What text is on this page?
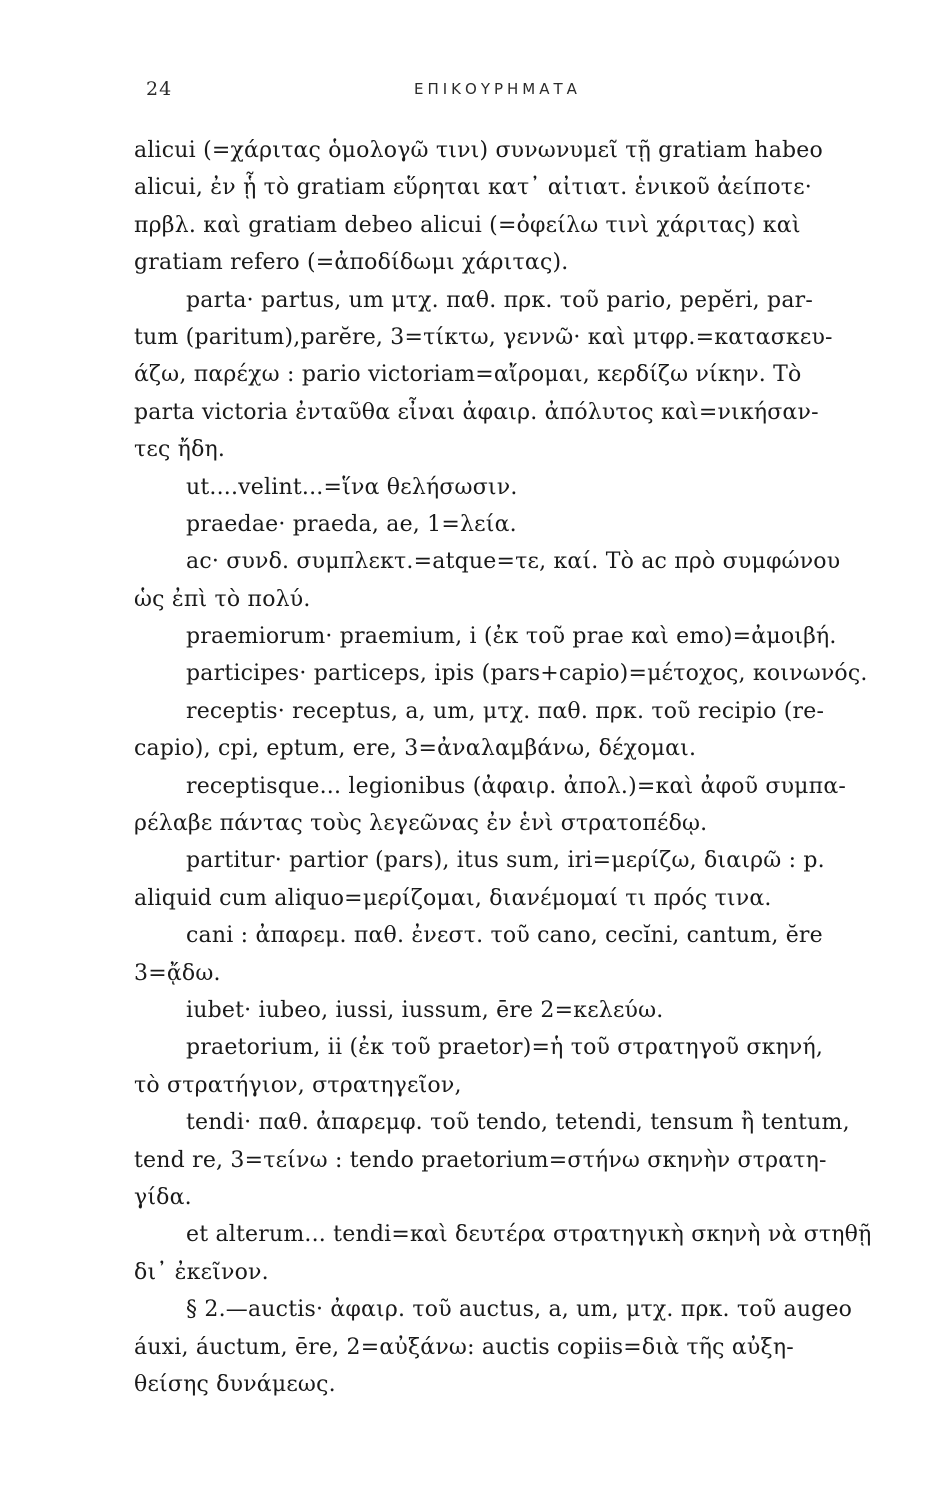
24	ΕΠΙΚΟΥΡΗΜΑΤΑ
alicui (=χάριτας ὁμολογῶ τινι) συνωνυμεῖ τῇ gratiam habeo
alicui, ἐν ᾗ τὸ gratiam εὕρηται κατ᾽ αἰτιατ. ἑνικοῦ ἀείποτε·
πρβλ. καὶ gratiam debeo alicui (=ὀφείλω τινὶ χάριτας) καὶ
gratiam refero (=ἀποδίδωμι χάριτας).
parta· partus, um μτχ. παθ. πρκ. τοῦ pario, pepĕri, par-
tum (paritum),parĕre, 3=τίκτω, γεννῶ· καὶ μτφρ.=κατασκευ-
άζω, παρέχω : pario victoriam=αἴρομαι, κερδίζω νίκην. Τὸ
parta victoria ἐνταῦθα εἶναι ἀφαιρ. ἀπόλυτος καὶ=νικήσαν-
τες ἤδη.
ut....velint...=ἵνα θελήσωσιν.
praedae· praeda, ae, 1=λεία.
ac· συνδ. συμπλεκτ.=atque=τε, καί. Τὸ ac πρὸ συμφώνου
ὡς ἐπὶ τὸ πολύ.
praemiorum· praemium, i (ἐκ τοῦ prae καὶ emo)=ἀμοιβή.
participes· particeps, ipis (pars+capio)=μέτοχος, κοινωνός.
receptis· receptus, a, um, μτχ. παθ. πρκ. τοῦ recipio (re-
capio), cpi, eptum, ere, 3=ἀναλαμβάνω, δέχομαι.
receptisque... legionibus (ἀφαιρ. ἀπολ.)=καὶ ἀφοῦ συμπα-
ρέλαβε πάντας τοὺς λεγεῶνας ἐν ἑνὶ στρατοπέδῳ.
partitur· partior (pars), itus sum, iri=μερίζω, διαιρῶ : p.
aliquid cum aliquo=μερίζομαι, διανέμομαί τι πρός τινα.
cani : ἀπαρεμ. παθ. ἐνεστ. τοῦ cano, cecĭni, cantum, ĕre
3=ᾄδω.
iubet· iubeo, iussi, iussum, ēre 2=κελεύω.
praetorium, ii (ἐκ τοῦ praetor)=ἡ τοῦ στρατηγοῦ σκηνή,
τὸ στρατήγιον, στρατηγεῖον,
tendi· παθ. ἀπαρεμφ. τοῦ tendo, tetendi, tensum ἢ tentum,
tend re, 3=τείνω : tendo praetorium=στήνω σκηνὴν στρατη-
γίδα.
et alterum... tendi=καὶ δευτέρα στρατηγικὴ σκηνὴ νὰ στηθῇ
δι᾽ ἐκεῖνον.
§ 2.—auctis· ἀφαιρ. τοῦ auctus, a, um, μτχ. πρκ. τοῦ augeo
áuxi, áuctum, ēre, 2=αὐξάνω: auctis copiis=διὰ τῆς αὐξη-
θείσης δυνάμεως.
